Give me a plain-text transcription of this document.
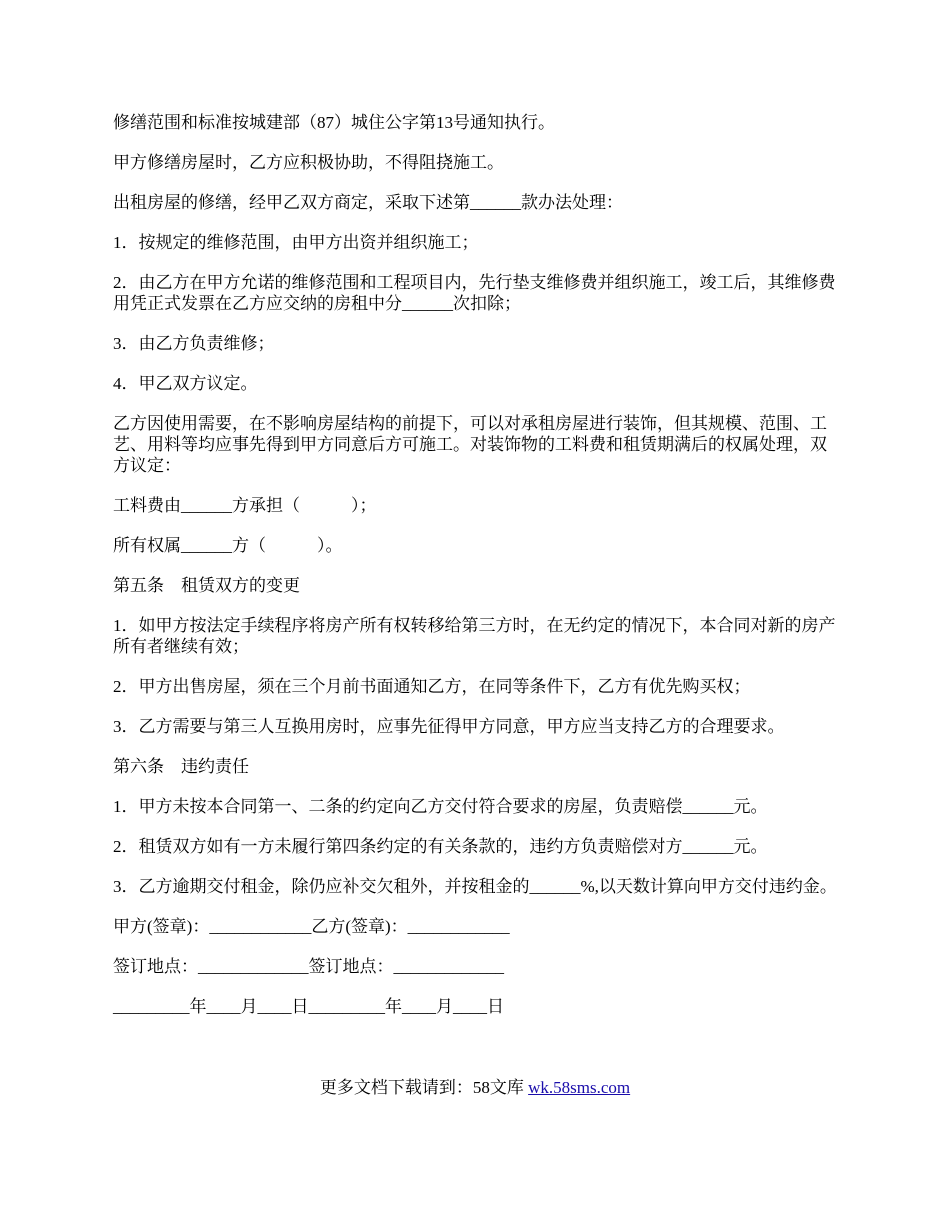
修缮范围和标准按城建部（87）城住公字第13号通知执行。

甲方修缮房屋时，乙方应积极协助，不得阻挠施工。

出租房屋的修缮，经甲乙双方商定，采取下述第______款办法处理：

1．按规定的维修范围，由甲方出资并组织施工；

2．由乙方在甲方允诺的维修范围和工程项目内，先行垫支维修费并组织施工，竣工后，其维修费用凭正式发票在乙方应交纳的房租中分______次扣除；

3．由乙方负责维修；

4．甲乙双方议定。

乙方因使用需要，在不影响房屋结构的前提下，可以对承租房屋进行装饰，但其规模、范围、工艺、用料等均应事先得到甲方同意后方可施工。对装饰物的工料费和租赁期满后的权属处理，双方议定：

工料费由______方承担（　　　）；

所有权属______方（　　　）。

第五条　租赁双方的变更

1．如甲方按法定手续程序将房产所有权转移给第三方时，在无约定的情况下，本合同对新的房产所有者继续有效；

2．甲方出售房屋，须在三个月前书面通知乙方，在同等条件下，乙方有优先购买权；

3．乙方需要与第三人互换用房时，应事先征得甲方同意，甲方应当支持乙方的合理要求。

第六条　违约责任

1．甲方未按本合同第一、二条的约定向乙方交付符合要求的房屋，负责赔偿______元。

2．租赁双方如有一方未履行第四条约定的有关条款的，违约方负责赔偿对方______元。

3．乙方逾期交付租金，除仍应补交欠租外，并按租金的______%,以天数计算向甲方交付违约金。

甲方(签章)：____________乙方(签章)：____________

签订地点：_____________签订地点：_____________

_________年____月____日_________年____月____日

更多文档下载请到：58文库 wk.58sms.com
